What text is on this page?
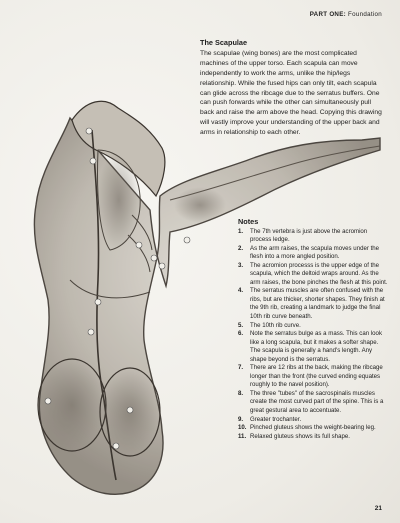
PART ONE: Foundation
The Scapulae

The scapulae (wing bones) are the most complicated machines of the upper torso. Each scapula can move independently to work the arms, unlike the hip/legs relationship. While the fused hips can only tilt, each scapula can glide across the ribcage due to the serratus buffers. One can push forwards while the other can simultaneously pull back and raise the arm above the head. Copying this drawing will vastly improve your understanding of the upper back and arms in relationship to each other.

Notes
1.	The 7th vertebra is just above the acromion process ledge.
2.	As the arm raises, the scapula moves under the flesh into a more angled position.
3.	The acromion processs is the upper edge of the scapula, which the deltoid wraps around. As the arm raises, the bone pinches the flesh at this point.
4.	The serratus muscles are often confused with the ribs, but are thicker, shorter shapes. They finish at the 9th rib, creating a landmark to judge the final 10th rib curve beneath.
5.	The 10th rib curve.
6.	Note the serratus bulge as a mass. This can look like a long scapula, but it makes a softer shape. The scapula is generally a hand's length. Any shape beyond is the serratus.
7.	There are 12 ribs at the back, making the ribcage longer than the front (the curved ending equates roughly to the navel position).
8.	The three "tubes" of the sacrospinalis muscles create the most curved part of the spine. This is a great gestural area to accentuate.
9.	Greater trochanter.
10. Pinched gluteus shows the weight-bearing leg.
11. Relaxed gluteus shows its full shape.
21
